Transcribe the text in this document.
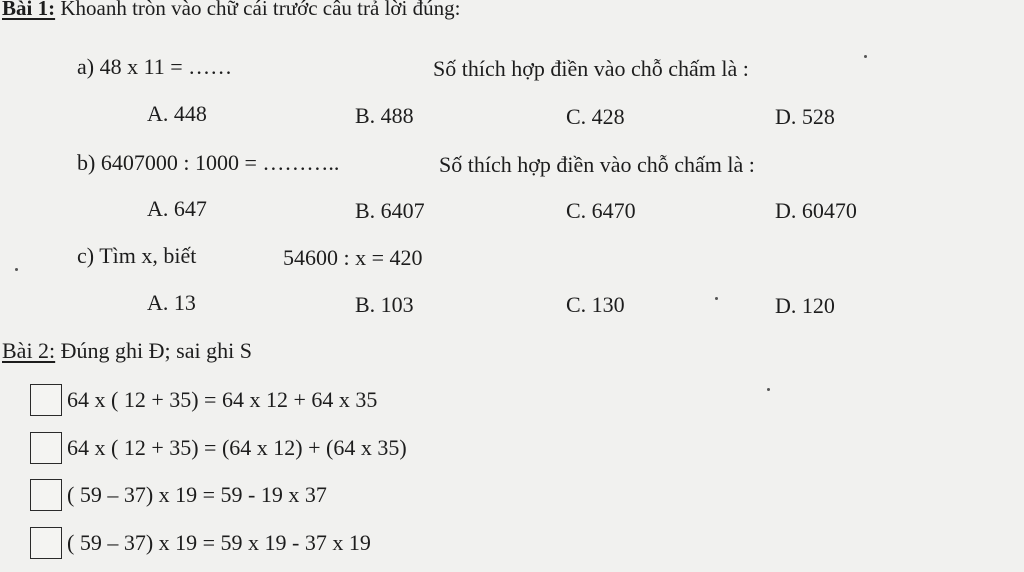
Bài 1: Khoanh tròn vào chữ cái trước câu trả lời đúng:
a) 48 x 11 = ……	Số thích hợp điền vào chỗ chấm là :
A. 448	B. 488	C. 428	D. 528
b) 6407000 : 1000 = ………..	Số thích hợp điền vào chỗ chấm là :
A. 647	B. 6407	C. 6470	D. 60470
c) Tìm x, biết	54600 : x = 420
A. 13	B. 103	C. 130	D. 120
Bài 2: Đúng ghi Đ; sai ghi S
64 x ( 12 + 35) = 64 x 12 + 64 x 35
64 x ( 12 + 35) = (64 x 12) + (64 x 35)
( 59 – 37) x 19 = 59 - 19 x 37
( 59 – 37) x 19 = 59 x 19 - 37 x 19
